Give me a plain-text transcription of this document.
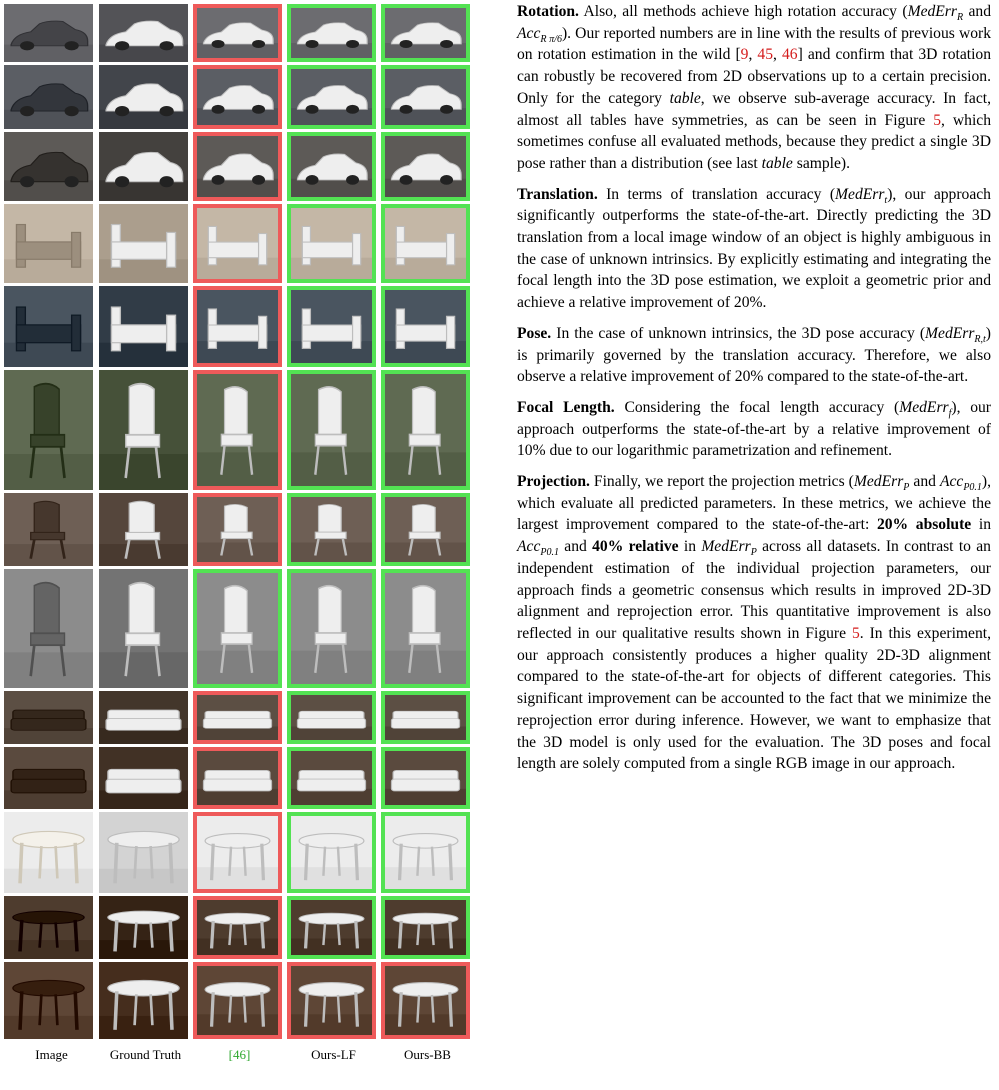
Image	Ground Truth	[46]	Ours-LF	Ours-BB

Rotation. Also, all methods achieve high rotation accuracy (MedErr$_R$ and Acc$_{R \pi/6}$). Our reported numbers are in line with the results of previous work on rotation estimation in the wild [9, 45, 46] and confirm that 3D rotation can robustly be recovered from 2D observations up to a certain precision. Only for the category table, we observe sub-average accuracy. In fact, almost all tables have symmetries, as can be seen in Figure 5, which sometimes confuse all evaluated methods, because they predict a single 3D pose rather than a distribution (see last table sample).

Translation. In terms of translation accuracy (MedErr$_t$), our approach significantly outperforms the state-of-the-art. Directly predicting the 3D translation from a local image window of an object is highly ambiguous in the case of unknown intrinsics. By explicitly estimating and integrating the focal length into the 3D pose estimation, we exploit a geometric prior and achieve a relative improvement of 20%.

Pose. In the case of unknown intrinsics, the 3D pose accuracy (MedErr$_{R,t}$) is primarily governed by the translation accuracy. Therefore, we also observe a relative improvement of 20% compared to the state-of-the-art.

Focal Length. Considering the focal length accuracy (MedErr$_f$), our approach outperforms the state-of-the-art by a relative improvement of 10% due to our logarithmic parametrization and refinement.

Projection. Finally, we report the projection metrics (MedErr$_P$ and Acc$_{P0.1}$), which evaluate all predicted parameters. In these metrics, we achieve the largest improvement compared to the state-of-the-art: 20% absolute in Acc$_{P0.1}$ and 40% relative in MedErr$_P$ across all datasets. In contrast to an independent estimation of the individual projection parameters, our approach finds a geometric consensus which results in improved 2D-3D alignment and reprojection error. This quantitative improvement is also reflected in our qualitative results shown in Figure 5. In this experiment, our approach consistently produces a higher quality 2D-3D alignment compared to the state-of-the-art for objects of different categories. This significant improvement can be accounted to the fact that we minimize the reprojection error during inference. However, we want to emphasize that the 3D model is only used for the evaluation. The 3D poses and focal length are solely computed from a single RGB image in our approach.
